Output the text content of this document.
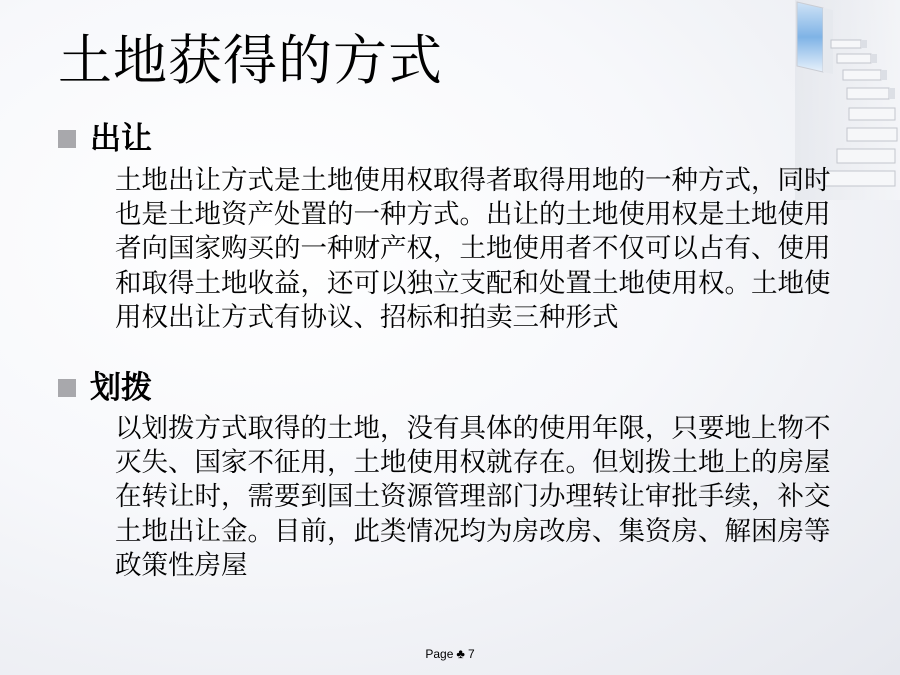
土地获得的方式
出让
土地出让方式是土地使用权取得者取得用地的一种方式，同时也是土地资产处置的一种方式。出让的土地使用权是土地使用者向国家购买的一种财产权，土地使用者不仅可以占有、使用和取得土地收益，还可以独立支配和处置土地使用权。土地使用权出让方式有协议、招标和拍卖三种形式
划拨
以划拨方式取得的土地，没有具体的使用年限，只要地上物不灭失、国家不征用，土地使用权就存在。但划拨土地上的房屋在转让时，需要到国土资源管理部门办理转让审批手续，补交土地出让金。目前，此类情况均为房改房、集资房、解困房等政策性房屋
Page ♣ 7
